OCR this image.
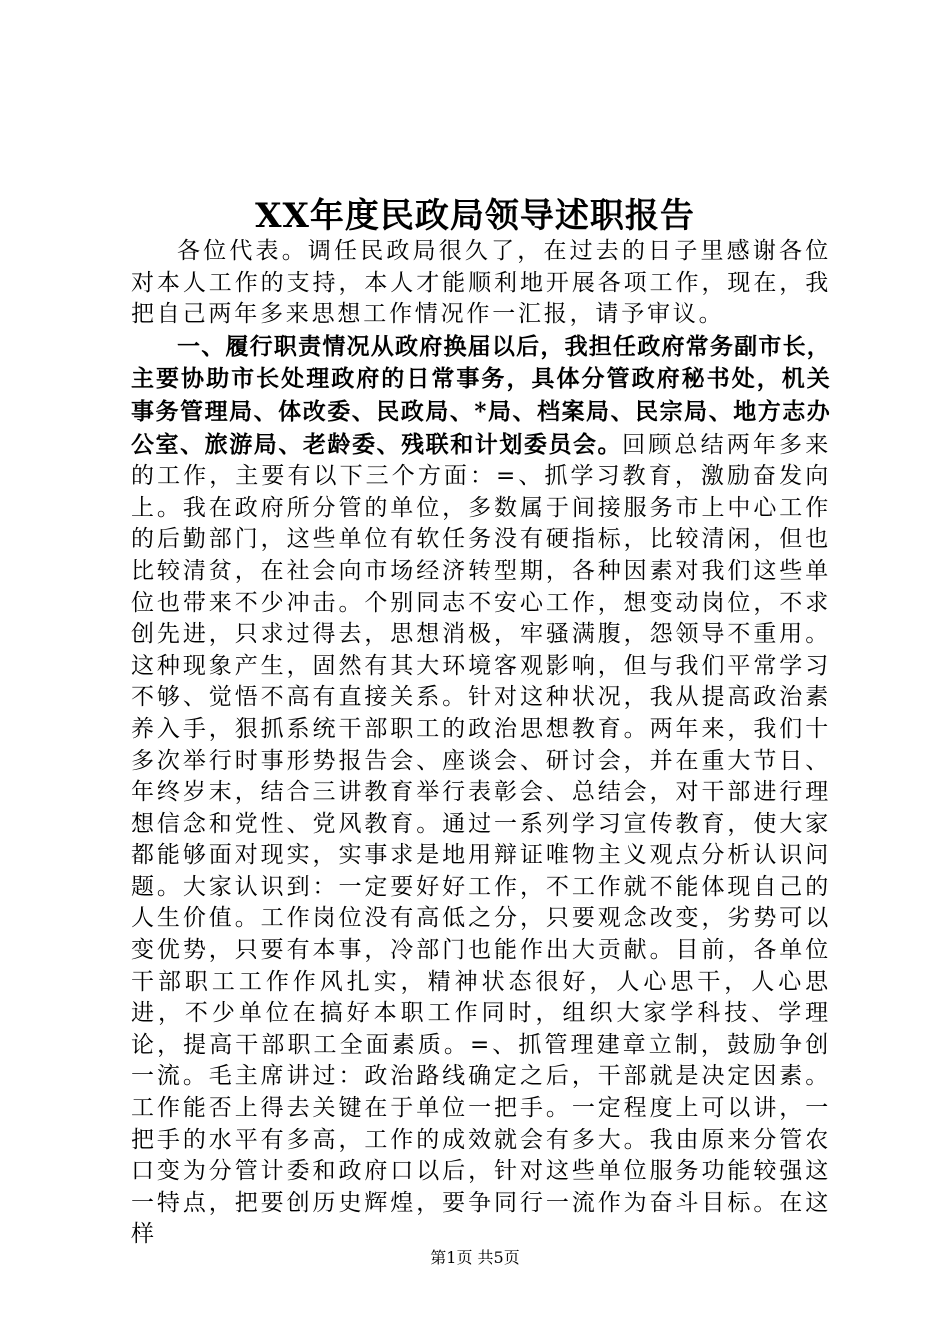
XX年度民政局领导述职报告

各位代表。调任民政局很久了，在过去的日子里感谢各位对本人工作的支持，本人才能顺利地开展各项工作，现在，我把自己两年多来思想工作情况作一汇报，请予审议。

一、履行职责情况从政府换届以后，我担任政府常务副市长，主要协助市长处理政府的日常事务，具体分管政府秘书处，机关事务管理局、体改委、民政局、*局、档案局、民宗局、地方志办公室、旅游局、老龄委、残联和计划委员会。回顾总结两年多来的工作，主要有以下三个方面：=、抓学习教育，激励奋发向上。我在政府所分管的单位，多数属于间接服务市上中心工作的后勤部门，这些单位有软任务没有硬指标，比较清闲，但也比较清贫，在社会向市场经济转型期，各种因素对我们这些单位也带来不少冲击。个别同志不安心工作，想变动岗位，不求创先进，只求过得去，思想消极，牢骚满腹，怨领导不重用。这种现象产生，固然有其大环境客观影响，但与我们平常学习不够、觉悟不高有直接关系。针对这种状况，我从提高政治素养入手，狠抓系统干部职工的政治思想教育。两年来，我们十多次举行时事形势报告会、座谈会、研讨会，并在重大节日、年终岁末，结合三讲教育举行表彰会、总结会，对干部进行理想信念和党性、党风教育。通过一系列学习宣传教育，使大家都能够面对现实，实事求是地用辩证唯物主义观点分析认识问题。大家认识到：一定要好好工作，不工作就不能体现自己的人生价值。工作岗位没有高低之分，只要观念改变，劣势可以变优势，只要有本事，冷部门也能作出大贡献。目前，各单位干部职工工作作风扎实，精神状态很好，人心思干，人心思进，不少单位在搞好本职工作同时，组织大家学科技、学理论，提高干部职工全面素质。=、抓管理建章立制，鼓励争创一流。毛主席讲过：政治路线确定之后，干部就是决定因素。工作能否上得去关键在于单位一把手。一定程度上可以讲，一把手的水平有多高，工作的成效就会有多大。我由原来分管农口变为分管计委和政府口以后，针对这些单位服务功能较强这一特点，把要创历史辉煌，要争同行一流作为奋斗目标。在这样

第1页 共5页
